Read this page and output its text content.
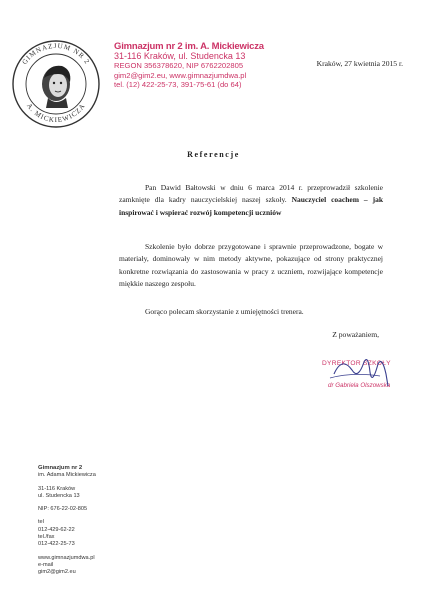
GIMNAZJUM NR 2
A. MICKIEWICZA
Gimnazjum nr 2 im. A. Mickiewicza
31-116 Kraków, ul. Studencka 13
REGON 356378620, NIP 6762202805
gim2@gim2.eu, www.gimnazjumdwa.pl
tel. (12) 422-25-73, 391-75-61 (do 64)
Kraków, 27 kwietnia 2015 r.
Referencje
Pan Dawid Bałtowski w dniu 6 marca 2014 r. przeprowadził szkolenie zamknięte dla kadry nauczycielskiej naszej szkoły. Nauczyciel coachem – jak inspirować i wspierać rozwój kompetencji uczniów
Szkolenie było dobrze przygotowane i sprawnie przeprowadzone, bogate w materiały, dominowały w nim metody aktywne, pokazujące od strony praktycznej konkretne rozwiązania do zastosowania w pracy z uczniem, rozwijające kompetencje miękkie naszego zespołu.
Gorąco polecam skorzystanie z umiejętności trenera.
Z poważaniem,
DYREKTOR SZKOŁY
dr Gabriela Olszowska
Gimnazjum nr 2
im. Adama Mickiewicza
31-116 Kraków
ul. Studencka 13
NIP: 676-22-02-805
tel
012-429-62-22
tel./fax
012-422-25-73
www.gimnazjumdwa.pl
e-mail
gim2@gim2.eu
